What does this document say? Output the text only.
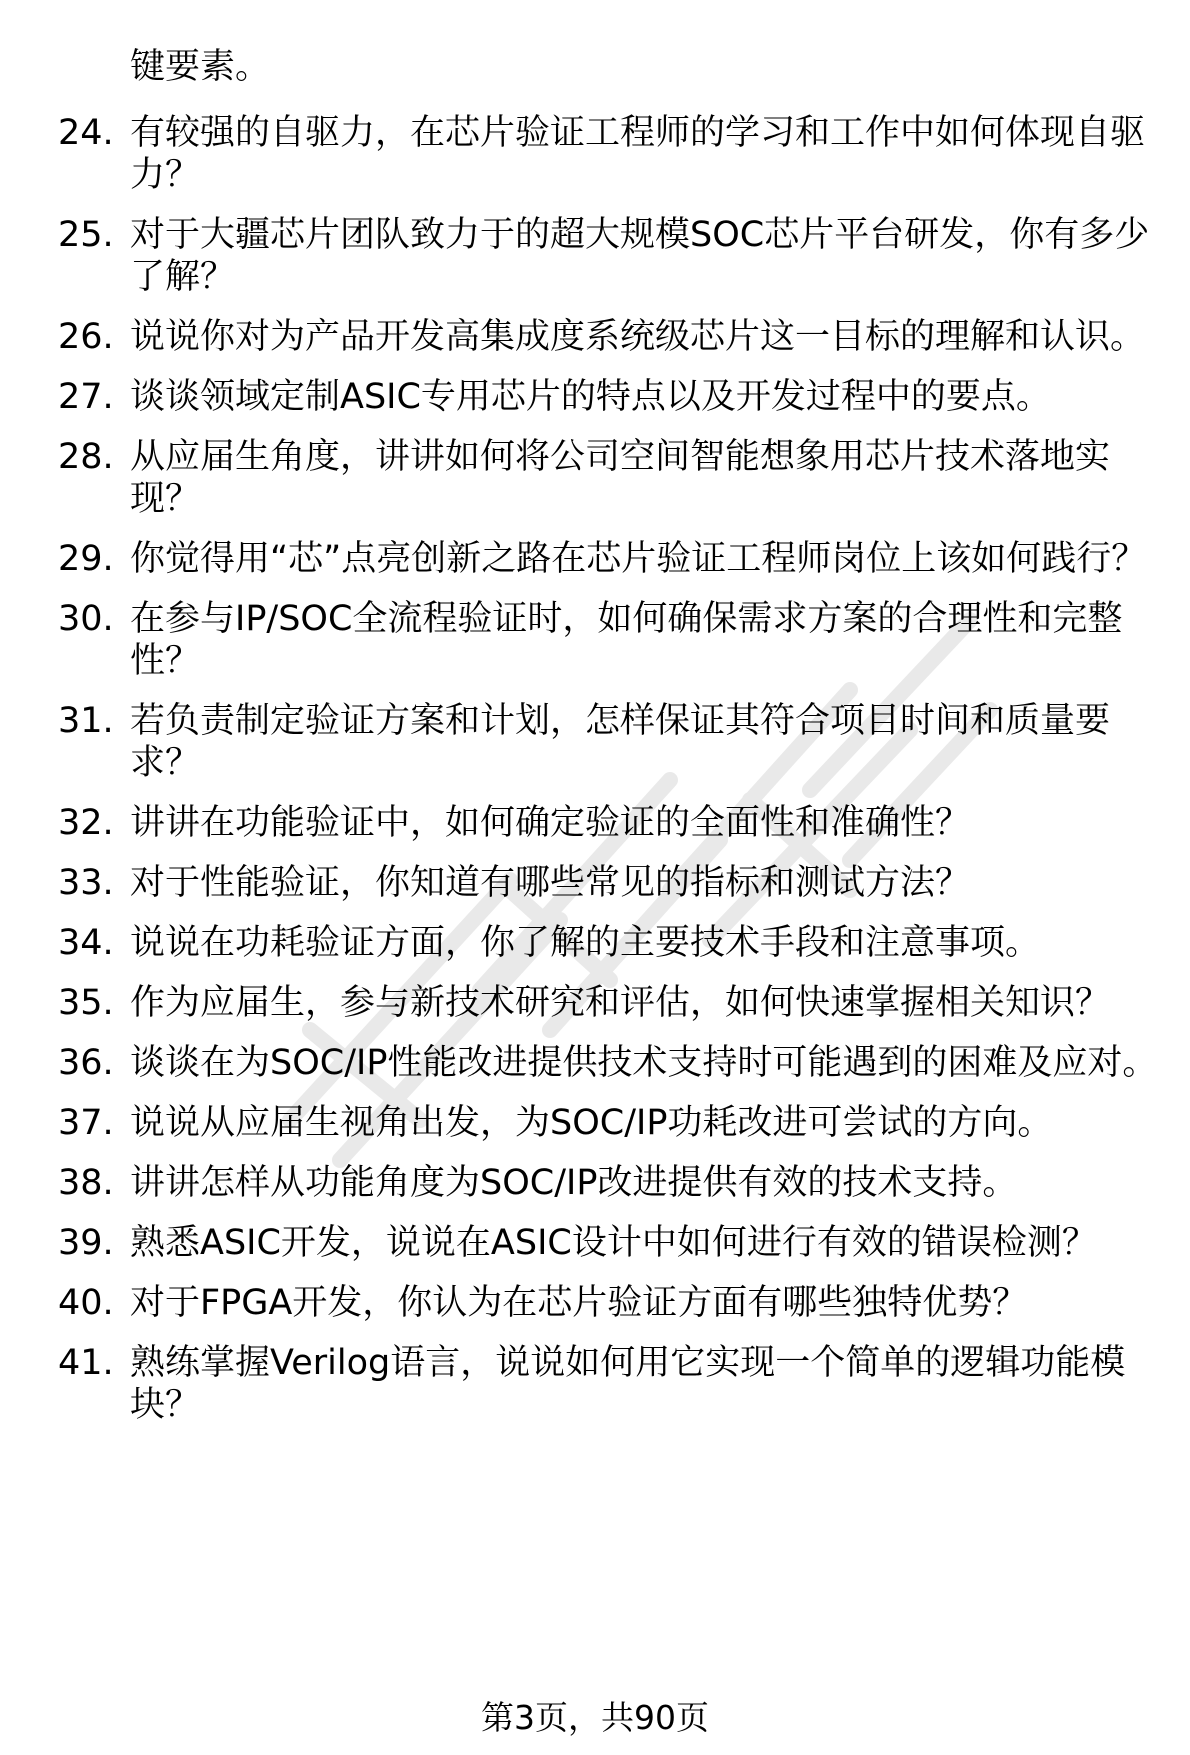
键要素。
24. 有较强的自驱力，在芯片验证工程师的学习和工作中如何体现自驱力？
25. 对于大疆芯片团队致力于的超大规模SOC芯片平台研发，你有多少了解？
26. 说说你对为产品开发高集成度系统级芯片这一目标的理解和认识。
27. 谈谈领域定制ASIC专用芯片的特点以及开发过程中的要点。
28. 从应届生角度，讲讲如何将公司空间智能想象用芯片技术落地实现？
29. 你觉得用“芯”点亮创新之路在芯片验证工程师岗位上该如何践行？
30. 在参与IP/SOC全流程验证时，如何确保需求方案的合理性和完整性？
31. 若负责制定验证方案和计划，怎样保证其符合项目时间和质量要求？
32. 讲讲在功能验证中，如何确定验证的全面性和准确性？
33. 对于性能验证，你知道有哪些常见的指标和测试方法？
34. 说说在功耗验证方面，你了解的主要技术手段和注意事项。
35. 作为应届生，参与新技术研究和评估，如何快速掌握相关知识？
36. 谈谈在为SOC/IP性能改进提供技术支持时可能遇到的困难及应对。
37. 说说从应届生视角出发，为SOC/IP功耗改进可尝试的方向。
38. 讲讲怎样从功能角度为SOC/IP改进提供有效的技术支持。
39. 熟悉ASIC开发，说说在ASIC设计中如何进行有效的错误检测？
40. 对于FPGA开发，你认为在芯片验证方面有哪些独特优势？
41. 熟练掌握Verilog语言，说说如何用它实现一个简单的逻辑功能模块？
第3页，共90页
